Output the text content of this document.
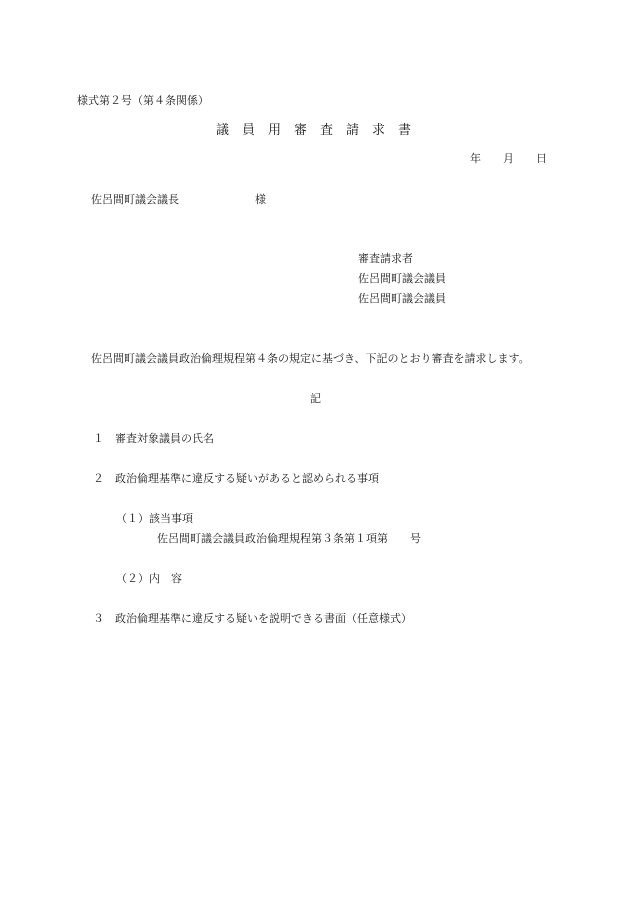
様式第２号（第４条関係）
議　員　用　審　査　請　求　書
年　　月　　日
佐呂間町議会議長	様
審査請求者
佐呂間町議会議員
佐呂間町議会議員
佐呂間町議会議員政治倫理規程第４条の規定に基づき、下記のとおり審査を請求します。
記
１ 審査対象議員の氏名
２ 政治倫理基準に違反する疑いがあると認められる事項
（１）該当事項
佐呂間町議会議員政治倫理規程第３条第１項第　　号
（２）内　容
３ 政治倫理基準に違反する疑いを説明できる書面（任意様式）
